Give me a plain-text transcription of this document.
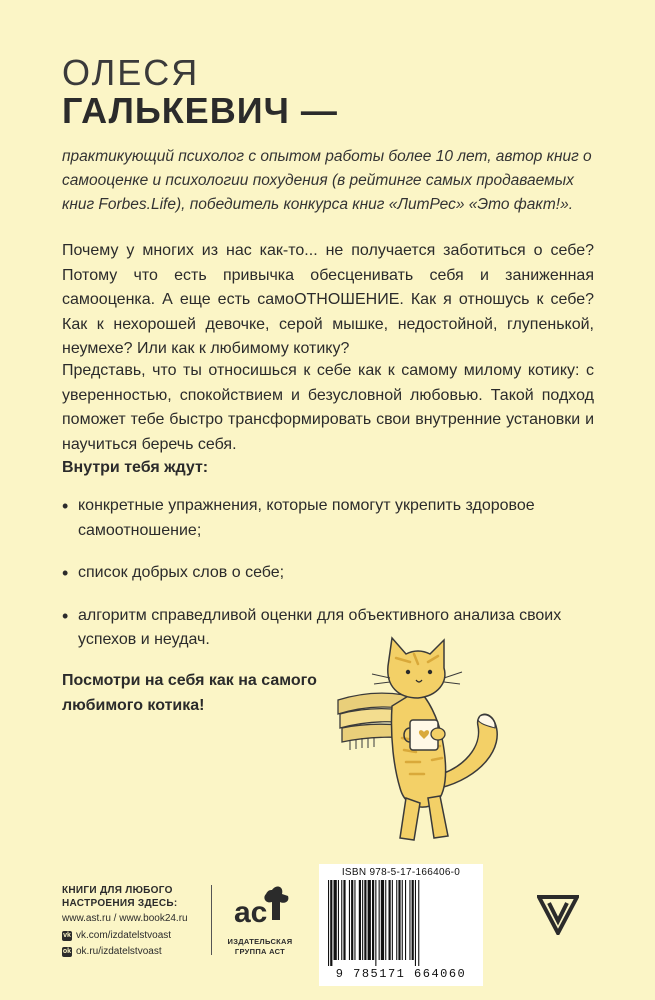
ОЛЕСЯ
ГАЛЬКЕВИЧ —
практикующий психолог с опытом работы более 10 лет, автор книг о самооценке и психологии похудения (в рейтинге самых продаваемых книг Forbes.Life), победитель конкурса книг «ЛитРес» «Это факт!».
Почему у многих из нас как-то... не получается заботиться о себе? Потому что есть привычка обесценивать себя и заниженная самооценка. А еще есть самоОТНОШЕНИЕ. Как я отношусь к себе? Как к нехорошей девочке, серой мышке, недостойной, глупенькой, неумехе? Или как к любимому котику?
Представь, что ты относишься к себе как к самому милому котику: с уверенностью, спокойствием и безусловной любовью. Такой подход поможет тебе быстро трансформировать свои внутренние установки и научиться беречь себя.
Внутри тебя ждут:
• конкретные упражнения, которые помогут укрепить здоровое самоотношение;
• список добрых слов о себе;
• алгоритм справедливой оценки для объективного анализа своих успехов и неудач.
Посмотри на себя как на самого любимого котика!
КНИГИ ДЛЯ ЛЮБОГО
НАСТРОЕНИЯ ЗДЕСЬ:
www.ast.ru / www.book24.ru
vk vk.com/izdatelstvoast
ok ok.ru/izdatelstvoast
ac
ИЗДАТЕЛЬСКАЯ
ГРУППА АСТ
ISBN 978-5-17-166406-0
9 785171 664060
